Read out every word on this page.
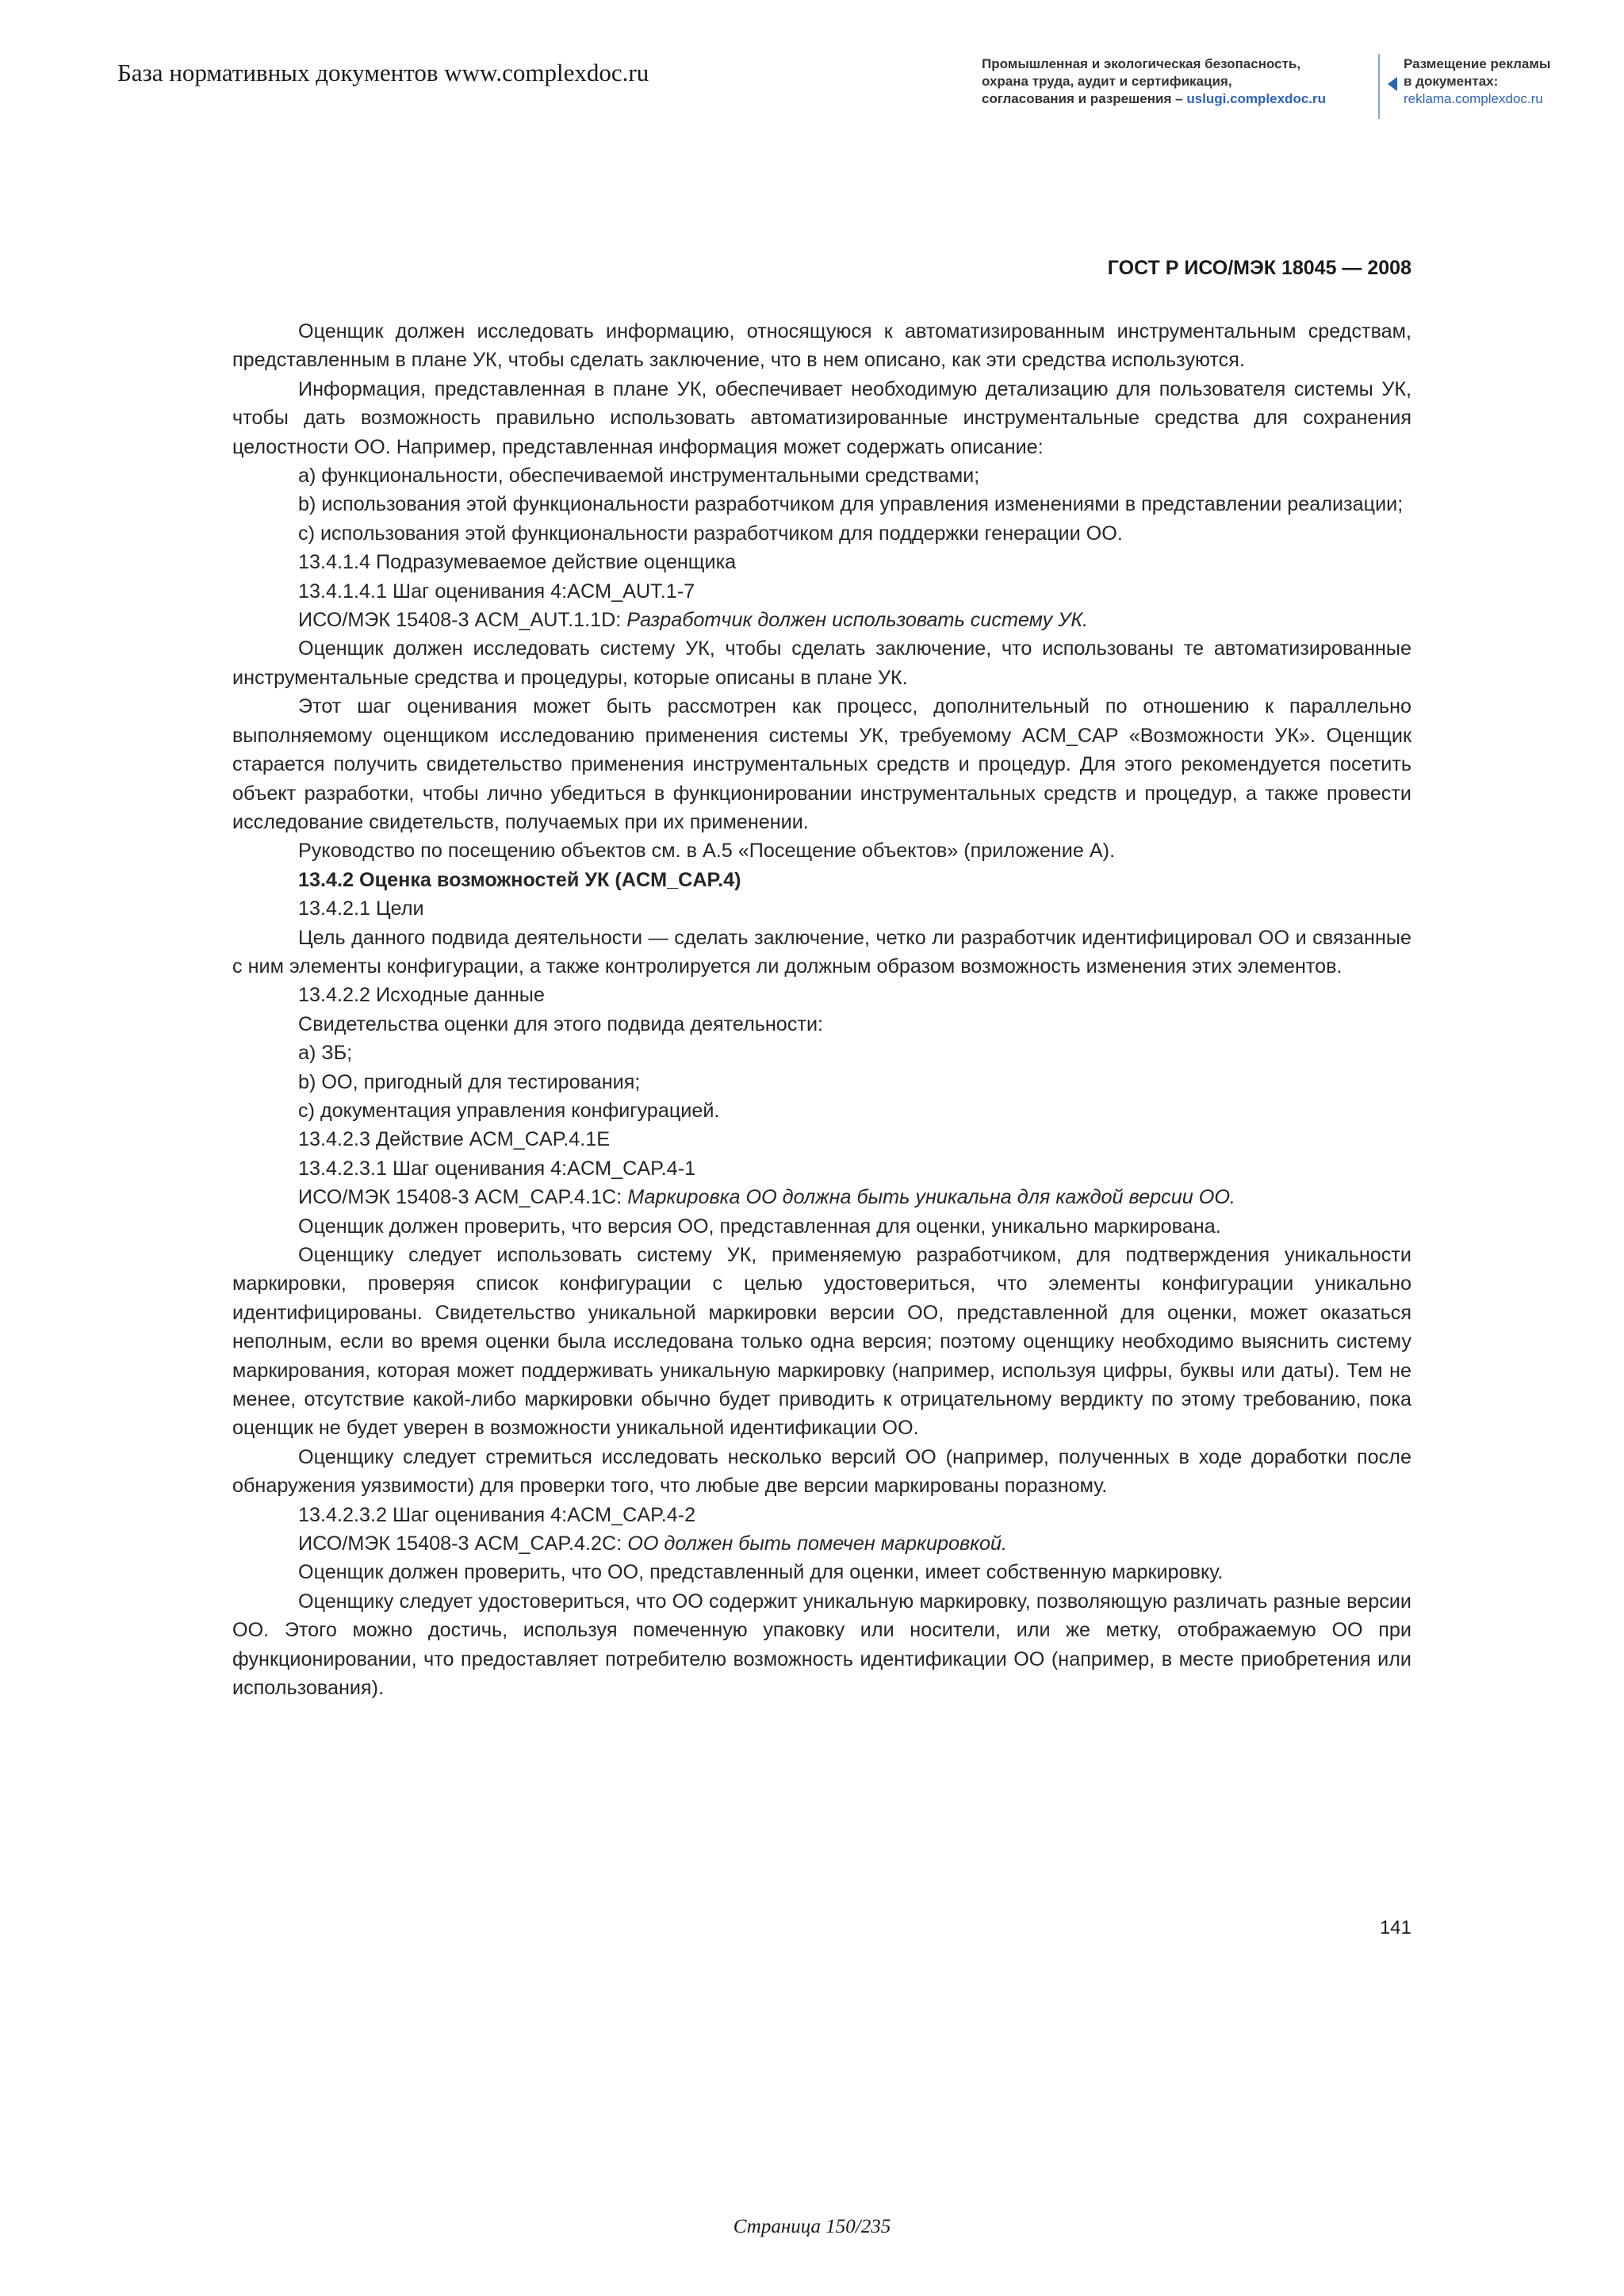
База нормативных документов www.complexdoc.ru	Промышленная и экологическая безопасность,
охрана труда, аудит и сертификация,
согласования и разрешения – uslugi.complexdoc.ru
Размещение рекламы
в документах:
reklama.complexdoc.ru
ГОСТ Р ИСО/МЭК 18045 — 2008

Оценщик должен исследовать информацию, относящуюся к автоматизированным инструментальным средствам, представленным в плане УК, чтобы сделать заключение, что в нем описано, как эти средства используются.

Информация, представленная в плане УК, обеспечивает необходимую детализацию для пользователя системы УК, чтобы дать возможность правильно использовать автоматизированные инструментальные средства для сохранения целостности ОО. Например, представленная информация может содержать описание:

a) функциональности, обеспечиваемой инструментальными средствами;

b) использования этой функциональности разработчиком для управления изменениями в представлении реализации;

c) использования этой функциональности разработчиком для поддержки генерации ОО.

13.4.1.4 Подразумеваемое действие оценщика

13.4.1.4.1 Шаг оценивания 4:ACM_AUT.1-7

ИСО/МЭК 15408-3 ACM_AUT.1.1D: Разработчик должен использовать систему УК.

Оценщик должен исследовать систему УК, чтобы сделать заключение, что использованы те автоматизированные инструментальные средства и процедуры, которые описаны в плане УК.

Этот шаг оценивания может быть рассмотрен как процесс, дополнительный по отношению к параллельно выполняемому оценщиком исследованию применения системы УК, требуемому ACM_CAP «Возможности УК». Оценщик старается получить свидетельство применения инструментальных средств и процедур. Для этого рекомендуется посетить объект разработки, чтобы лично убедиться в функционировании инструментальных средств и процедур, а также провести исследование свидетельств, получаемых при их применении.

Руководство по посещению объектов см. в А.5 «Посещение объектов» (приложение А).

13.4.2 Оценка возможностей УК (ACM_CAP.4)

13.4.2.1 Цели

Цель данного подвида деятельности — сделать заключение, четко ли разработчик идентифицировал ОО и связанные с ним элементы конфигурации, а также контролируется ли должным образом возможность изменения этих элементов.

13.4.2.2 Исходные данные

Свидетельства оценки для этого подвида деятельности:

a) ЗБ;

b) ОО, пригодный для тестирования;

c) документация управления конфигурацией.

13.4.2.3 Действие ACM_CAP.4.1E

13.4.2.3.1 Шаг оценивания 4:ACM_CAP.4-1

ИСО/МЭК 15408-3 ACM_CAP.4.1C: Маркировка ОО должна быть уникальна для каждой версии ОО.

Оценщик должен проверить, что версия ОО, представленная для оценки, уникально маркирована.

Оценщику следует использовать систему УК, применяемую разработчиком, для подтверждения уникальности маркировки, проверяя список конфигурации с целью удостовериться, что элементы конфигурации уникально идентифицированы. Свидетельство уникальной маркировки версии ОО, представленной для оценки, может оказаться неполным, если во время оценки была исследована только одна версия; поэтому оценщику необходимо выяснить систему маркирования, которая может поддерживать уникальную маркировку (например, используя цифры, буквы или даты). Тем не менее, отсутствие какой-либо маркировки обычно будет приводить к отрицательному вердикту по этому требованию, пока оценщик не будет уверен в возможности уникальной идентификации ОО.

Оценщику следует стремиться исследовать несколько версий ОО (например, полученных в ходе доработки после обнаружения уязвимости) для проверки того, что любые две версии маркированы поразному.

13.4.2.3.2 Шаг оценивания 4:ACM_CAP.4-2

ИСО/МЭК 15408-3 ACM_CAP.4.2C: ОО должен быть помечен маркировкой.

Оценщик должен проверить, что ОО, представленный для оценки, имеет собственную маркировку.

Оценщику следует удостовериться, что ОО содержит уникальную маркировку, позволяющую различать разные версии ОО. Этого можно достичь, используя помеченную упаковку или носители, или же метку, отображаемую ОО при функционировании, что предоставляет потребителю возможность идентификации ОО (например, в месте приобретения или использования).

141
Страница 150/235
